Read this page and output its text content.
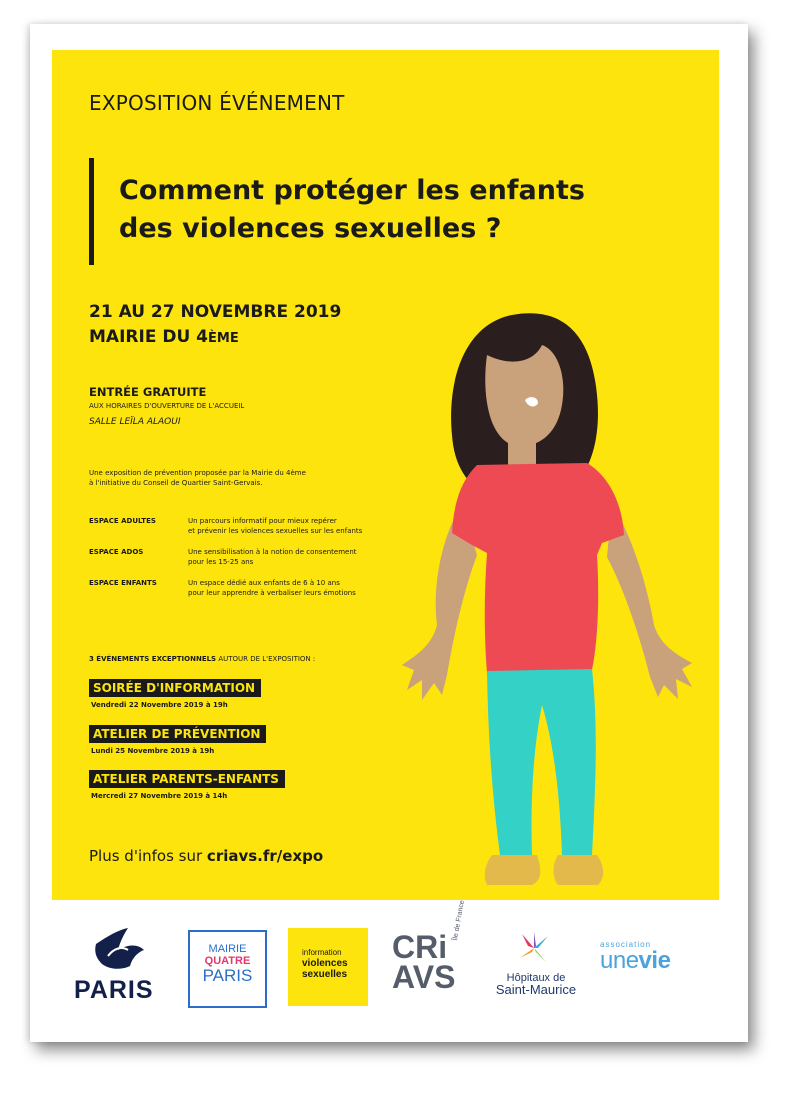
EXPOSITION ÉVÉNEMENT
Comment protéger les enfants
des violences sexuelles ?
21 AU 27 NOVEMBRE 2019
MAIRIE DU 4ÈME
ENTRÉE GRATUITE
AUX HORAIRES D'OUVERTURE DE L'ACCUEIL
SALLE LEÏLA ALAOUI
Une exposition de prévention proposée par la Mairie du 4ème
à l'initiative du Conseil de Quartier Saint-Gervais.
ESPACE ADULTES	Un parcours informatif pour mieux repérer
et prévenir les violences sexuelles sur les enfants
ESPACE ADOS	Une sensibilisation à la notion de consentement
pour les 15-25 ans
ESPACE ENFANTS	Un espace dédié aux enfants de 6 à 10 ans
pour leur apprendre à verbaliser leurs émotions
3 ÉVÉNEMENTS EXCEPTIONNELS AUTOUR DE L'EXPOSITION :
SOIRÉE D'INFORMATION
Vendredi 22 Novembre 2019 à 19h
ATELIER DE PRÉVENTION
Lundi 25 Novembre 2019 à 19h
ATELIER PARENTS-ENFANTS
Mercredi 27 Novembre 2019 à 14h
Plus d'infos sur criavs.fr/expo
PARIS
MAIRIE
QUATRE
PARIS
information
violences
sexuelles
CRi
AVS
Île de France
Hôpitaux de
Saint-Maurice
association
unevie
